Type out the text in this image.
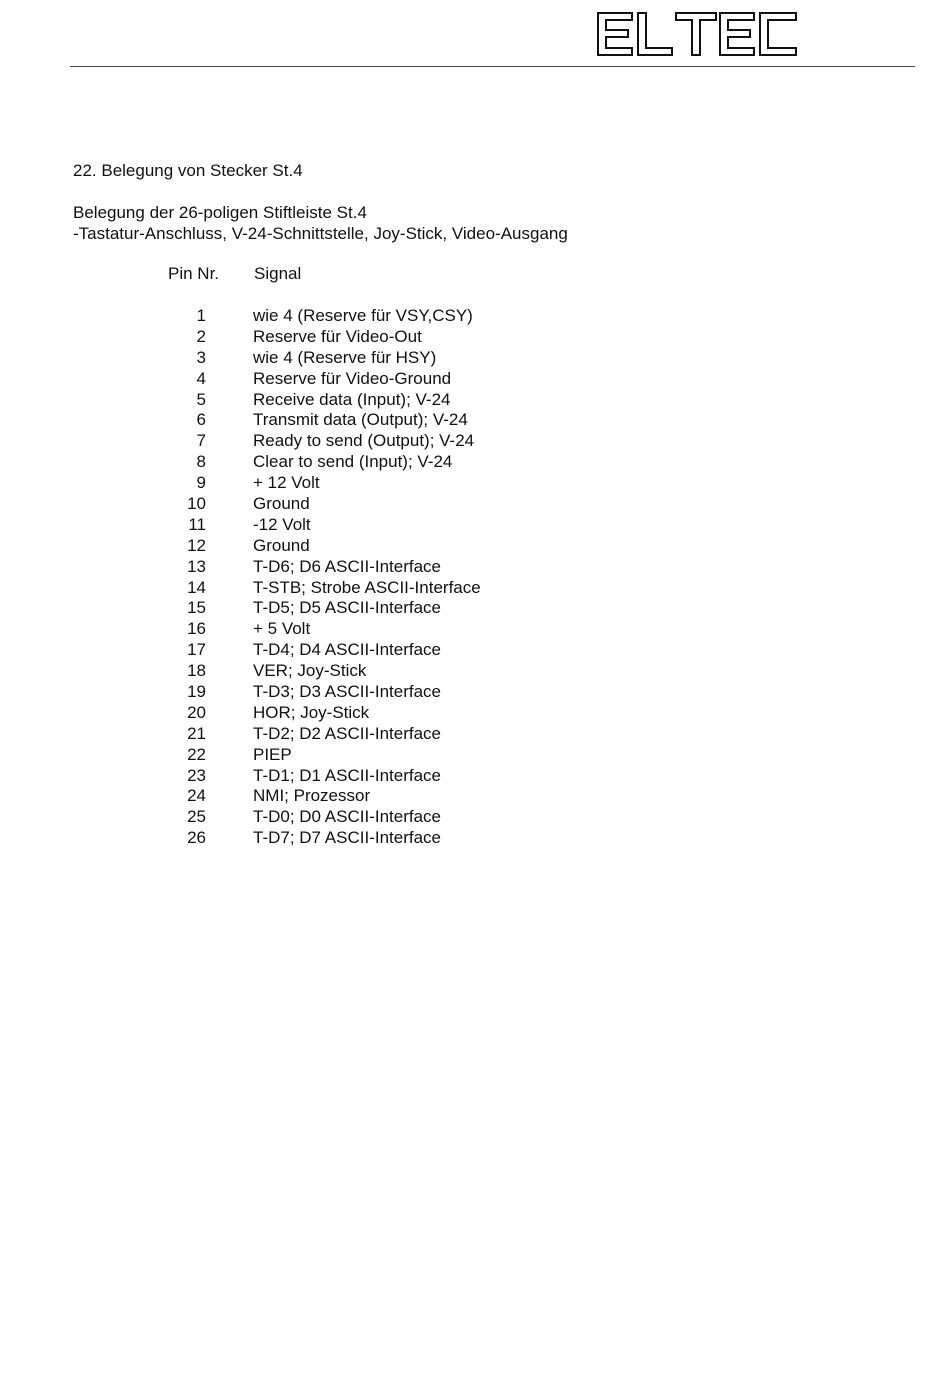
22. Belegung von Stecker St.4
Belegung der 26-poligen Stiftleiste St.4
-Tastatur-Anschluss, V-24-Schnittstelle, Joy-Stick, Video-Ausgang
Pin Nr. Signal
1	wie 4 (Reserve für VSY,CSY)
2	Reserve für Video-Out
3	wie 4 (Reserve für HSY)
4	Reserve für Video-Ground
5	Receive data (Input); V-24
6	Transmit data (Output); V-24
7	Ready to send (Output); V-24
8	Clear to send (Input); V-24
9	+ 12 Volt
10	Ground
11	-12 Volt
12	Ground
13	T-D6; D6 ASCII-Interface
14	T-STB; Strobe ASCII-Interface
15	T-D5; D5 ASCII-Interface
16	+ 5 Volt
17	T-D4; D4 ASCII-Interface
18	VER; Joy-Stick
19	T-D3; D3 ASCII-Interface
20	HOR; Joy-Stick
21	T-D2; D2 ASCII-Interface
22	PIEP
23	T-D1; D1 ASCII-Interface
24	NMI; Prozessor
25	T-D0; D0 ASCII-Interface
26	T-D7; D7 ASCII-Interface
